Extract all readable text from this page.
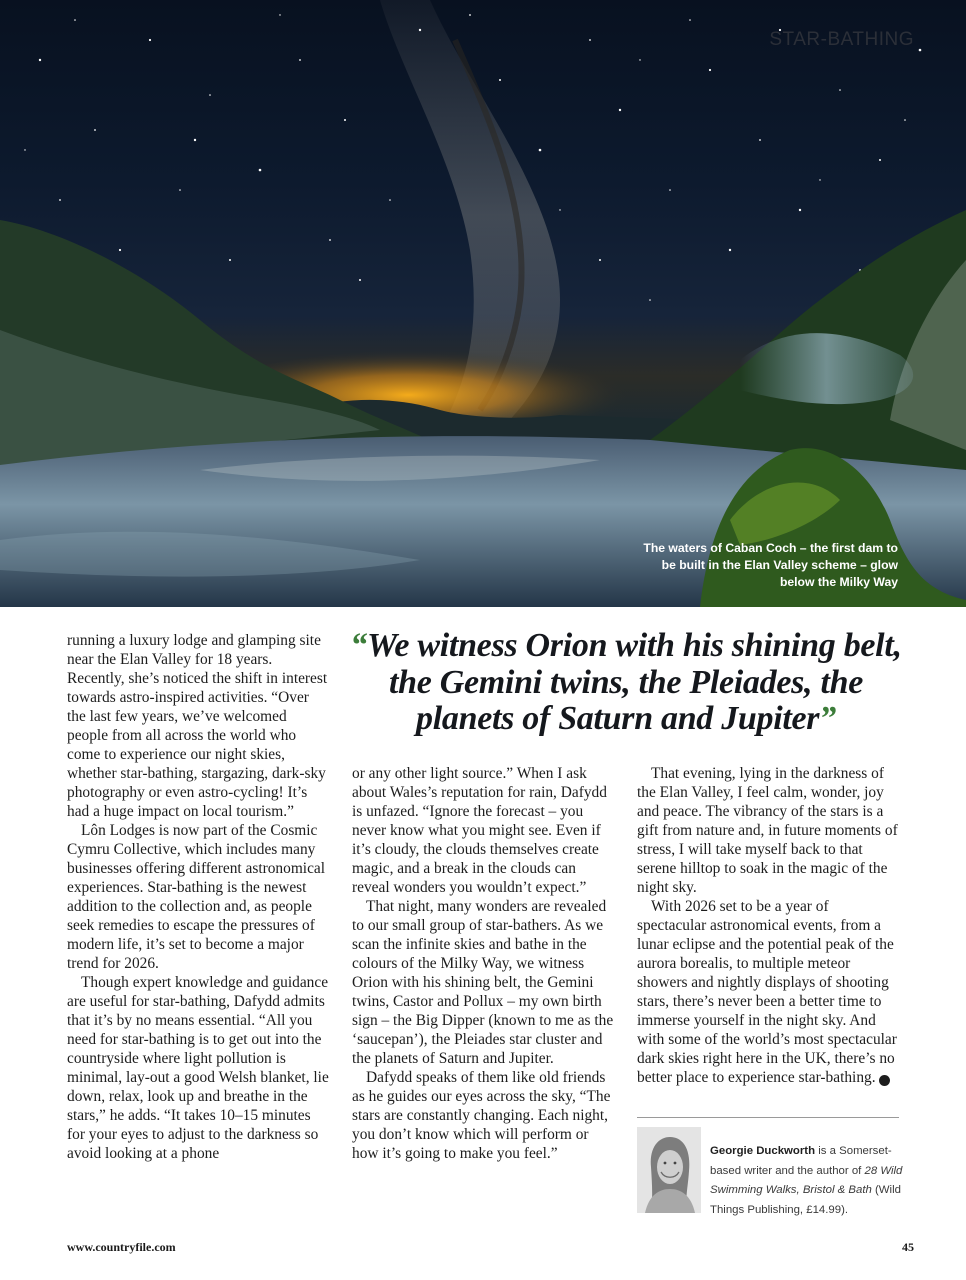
STAR-BATHING
The waters of Caban Coch – the first dam to be built in the Elan Valley scheme – glow below the Milky Way

running a luxury lodge and glamping site near the Elan Valley for 18 years. Recently, she’s noticed the shift in interest towards astro-inspired activities. “Over the last few years, we’ve welcomed people from all across the world who come to experience our night skies, whether star-bathing, stargazing, dark-sky photography or even astro-cycling! It’s had a huge impact on local tourism.”

Lôn Lodges is now part of the Cosmic Cymru Collective, which includes many businesses offering different astronomical experiences. Star-bathing is the newest addition to the collection and, as people seek remedies to escape the pressures of modern life, it’s set to become a major trend for 2026.

Though expert knowledge and guidance are useful for star-bathing, Dafydd admits that it’s by no means essential. “All you need for star-bathing is to get out into the countryside where light pollution is minimal, lay-out a good Welsh blanket, lie down, relax, look up and breathe in the stars,” he adds. “It takes 10–15 minutes for your eyes to adjust to the darkness so avoid looking at a phone

“We witness Orion with his shining belt, the Gemini twins, the Pleiades, the planets of Saturn and Jupiter”

or any other light source.” When I ask about Wales’s reputation for rain, Dafydd is unfazed. “Ignore the forecast – you never know what you might see. Even if it’s cloudy, the clouds themselves create magic, and a break in the clouds can reveal wonders you wouldn’t expect.”

That night, many wonders are revealed to our small group of star-bathers. As we scan the infinite skies and bathe in the colours of the Milky Way, we witness Orion with his shining belt, the Gemini twins, Castor and Pollux – my own birth sign – the Big Dipper (known to me as the ‘saucepan’), the Pleiades star cluster and the planets of Saturn and Jupiter.

Dafydd speaks of them like old friends as he guides our eyes across the sky, “The stars are constantly changing. Each night, you don’t know which will perform or how it’s going to make you feel.”

That evening, lying in the darkness of the Elan Valley, I feel calm, wonder, joy and peace. The vibrancy of the stars is a gift from nature and, in future moments of stress, I will take myself back to that serene hilltop to soak in the magic of the night sky.

With 2026 set to be a year of spectacular astronomical events, from a lunar eclipse and the potential peak of the aurora borealis, to multiple meteor showers and nightly displays of shooting stars, there’s never been a better time to immerse yourself in the night sky. And with some of the world’s most spectacular dark skies right here in the UK, there’s no better place to experience star-bathing.	CF

Georgie Duckworth is a Somerset-based writer and the author of 28 Wild Swimming Walks, Bristol & Bath (Wild Things Publishing, £14.99).
www.countryfile.com	45
